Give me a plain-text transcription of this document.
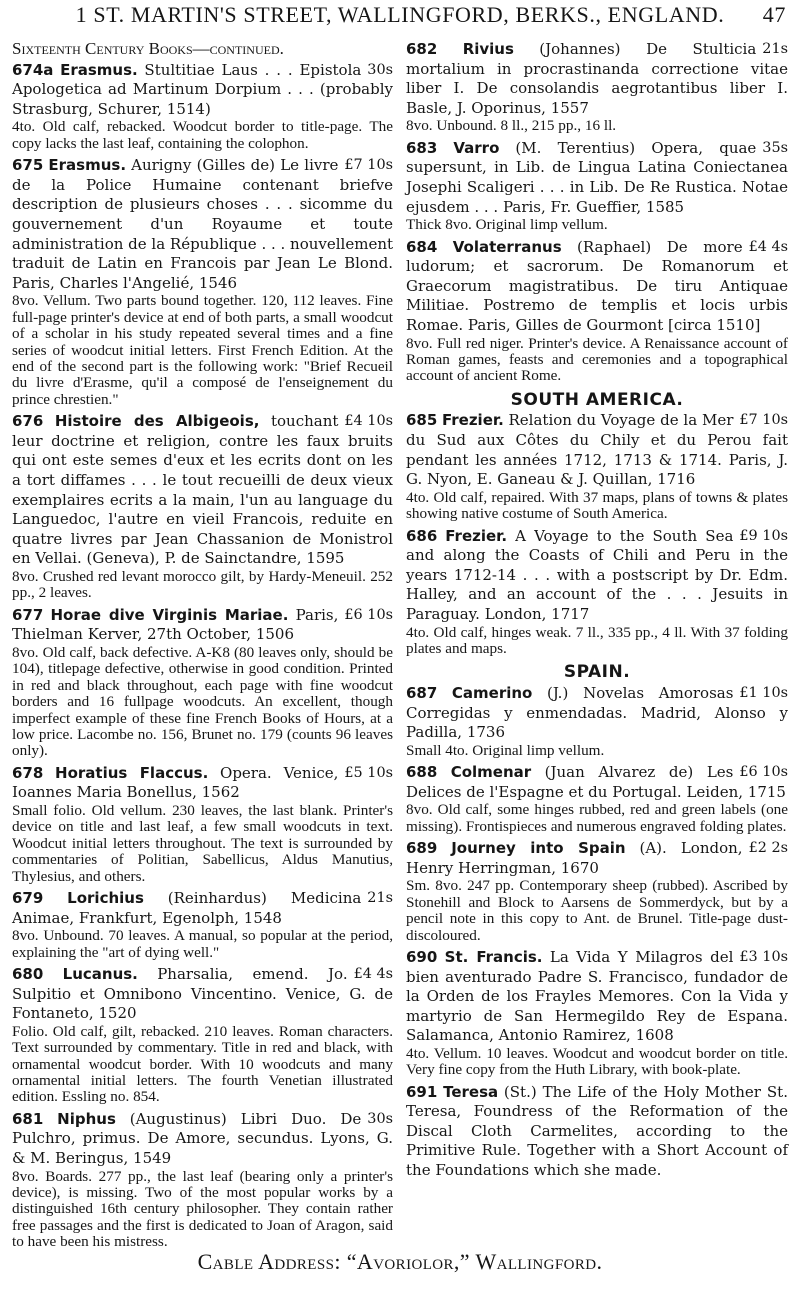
1 ST. MARTIN'S STREET, WALLINGFORD, BERKS., ENGLAND. 47
Sixteenth Century Books—continued.
30s
674a Erasmus. Stultitiae Laus . . . Epistola Apologetica ad Martinum Dorpium . . . (probably Strasburg, Schurer, 1514)
4to. Old calf, rebacked. Woodcut border to title-page. The copy lacks the last leaf, containing the colophon.
£7 10s
675 Erasmus. Aurigny (Gilles de) Le livre de la Police Humaine contenant briefve description de plusieurs choses . . . sicomme du gouvernement d'un Royaume et toute administration de la République . . . nouvellement traduit de Latin en Francois par Jean Le Blond. Paris, Charles l'Angelié, 1546
8vo. Vellum. Two parts bound together. 120, 112 leaves. Fine full-page printer's device at end of both parts, a small woodcut of a scholar in his study repeated several times and a fine series of woodcut initial letters. First French Edition. At the end of the second part is the following work: "Brief Recueil du livre d'Erasme, qu'il a composé de l'enseignement du prince chrestien."
£4 10s
676 Histoire des Albigeois, touchant leur doctrine et religion, contre les faux bruits qui ont este semes d'eux et les ecrits dont on les a tort diffames . . . le tout recueilli de deux vieux exemplaires ecrits a la main, l'un au language du Languedoc, l'autre en vieil Francois, reduite en quatre livres par Jean Chassanion de Monistrol en Vellai. (Geneva), P. de Sainctandre, 1595
8vo. Crushed red levant morocco gilt, by Hardy-Meneuil. 252 pp., 2 leaves.
£6 10s
677 Horae dive Virginis Mariae. Paris, Thielman Kerver, 27th October, 1506
8vo. Old calf, back defective. A-K8 (80 leaves only, should be 104), titlepage defective, otherwise in good condition. Printed in red and black throughout, each page with fine woodcut borders and 16 fullpage woodcuts. An excellent, though imperfect example of these fine French Books of Hours, at a low price. Lacombe no. 156, Brunet no. 179 (counts 96 leaves only).
£5 10s
678 Horatius Flaccus. Opera. Venice, Ioannes Maria Bonellus, 1562
Small folio. Old vellum. 230 leaves, the last blank. Printer's device on title and last leaf, a few small woodcuts in text. Woodcut initial letters throughout. The text is surrounded by commentaries of Politian, Sabellicus, Aldus Manutius, Thylesius, and others.
21s
679 Lorichius (Reinhardus) Medicina Animae, Frankfurt, Egenolph, 1548
8vo. Unbound. 70 leaves. A manual, so popular at the period, explaining the "art of dying well."
£4 4s
680 Lucanus. Pharsalia, emend. Jo. Sulpitio et Omnibono Vincentino. Venice, G. de Fontaneto, 1520
Folio. Old calf, gilt, rebacked. 210 leaves. Roman characters. Text surrounded by commentary. Title in red and black, with ornamental woodcut border. With 10 woodcuts and many ornamental initial letters. The fourth Venetian illustrated edition. Essling no. 854.
30s
681 Niphus (Augustinus) Libri Duo. De Pulchro, primus. De Amore, secundus. Lyons, G. & M. Beringus, 1549
8vo. Boards. 277 pp., the last leaf (bearing only a printer's device), is missing. Two of the most popular works by a distinguished 16th century philosopher. They contain rather free passages and the first is dedicated to Joan of Aragon, said to have been his mistress.
21s
682 Rivius (Johannes) De Stulticia mortalium in procrastinanda correctione vitae liber I. De consolandis aegrotantibus liber I. Basle, J. Oporinus, 1557
8vo. Unbound. 8 ll., 215 pp., 16 ll.
35s
683 Varro (M. Terentius) Opera, quae supersunt, in Lib. de Lingua Latina Coniectanea Josephi Scaligeri . . . in Lib. De Re Rustica. Notae ejusdem . . . Paris, Fr. Gueffier, 1585
Thick 8vo. Original limp vellum.
£4 4s
684 Volaterranus (Raphael) De more ludorum; et sacrorum. De Romanorum et Graecorum magistratibus. De tiru Antiquae Militiae. Postremo de templis et locis urbis Romae. Paris, Gilles de Gourmont [circa 1510]
8vo. Full red niger. Printer's device. A Renaissance account of Roman games, feasts and ceremonies and a topographical account of ancient Rome.
SOUTH AMERICA.
£7 10s
685 Frezier. Relation du Voyage de la Mer du Sud aux Côtes du Chily et du Perou fait pendant les années 1712, 1713 & 1714. Paris, J. G. Nyon, E. Ganeau & J. Quillan, 1716
4to. Old calf, repaired. With 37 maps, plans of towns & plates showing native costume of South America.
£9 10s
686 Frezier. A Voyage to the South Sea and along the Coasts of Chili and Peru in the years 1712-14 . . . with a postscript by Dr. Edm. Halley, and an account of the . . . Jesuits in Paraguay. London, 1717
4to. Old calf, hinges weak. 7 ll., 335 pp., 4 ll. With 37 folding plates and maps.
SPAIN.
£1 10s
687 Camerino (J.) Novelas Amorosas Corregidas y enmendadas. Madrid, Alonso y Padilla, 1736
Small 4to. Original limp vellum.
£6 10s
688 Colmenar (Juan Alvarez de) Les Delices de l'Espagne et du Portugal. Leiden, 1715
8vo. Old calf, some hinges rubbed, red and green labels (one missing). Frontispieces and numerous engraved folding plates.
£2 2s
689 Journey into Spain (A). London, Henry Herringman, 1670
Sm. 8vo. 247 pp. Contemporary sheep (rubbed). Ascribed by Stonehill and Block to Aarsens de Sommerdyck, but by a pencil note in this copy to Ant. de Brunel. Title-page dust-discoloured.
£3 10s
690 St. Francis. La Vida Y Milagros del bien aventurado Padre S. Francisco, fundador de la Orden de los Frayles Memores. Con la Vida y martyrio de San Hermegildo Rey de Espana. Salamanca, Antonio Ramirez, 1608
4to. Vellum. 10 leaves. Woodcut and woodcut border on title. Very fine copy from the Huth Library, with book-plate.
691 Teresa (St.) The Life of the Holy Mother St. Teresa, Foundress of the Reformation of the Discal Cloth Carmelites, according to the Primitive Rule. Together with a Short Account of the Foundations which she made.
Cable Address: “Avoriolor,” Wallingford.
